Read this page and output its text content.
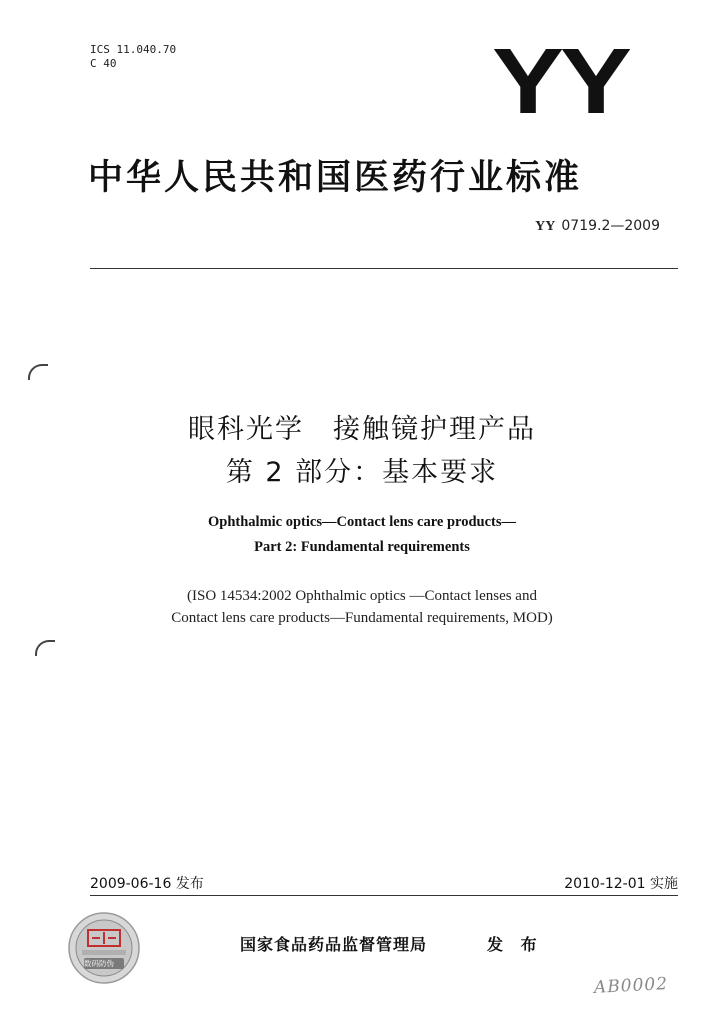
ICS 11.040.70
C 40	YY
中华人民共和国医药行业标准
YY 0719.2—2009
眼科光学　接触镜护理产品
第 2 部分：基本要求
Ophthalmic optics—Contact lens care products—
Part 2: Fundamental requirements
(ISO 14534:2002 Ophthalmic optics —Contact lenses and
Contact lens care products—Fundamental requirements, MOD)
2009-06-16 发布	2010-12-01 实施
数码防伪
国家食品药品监督管理局	发 布
AB0002
